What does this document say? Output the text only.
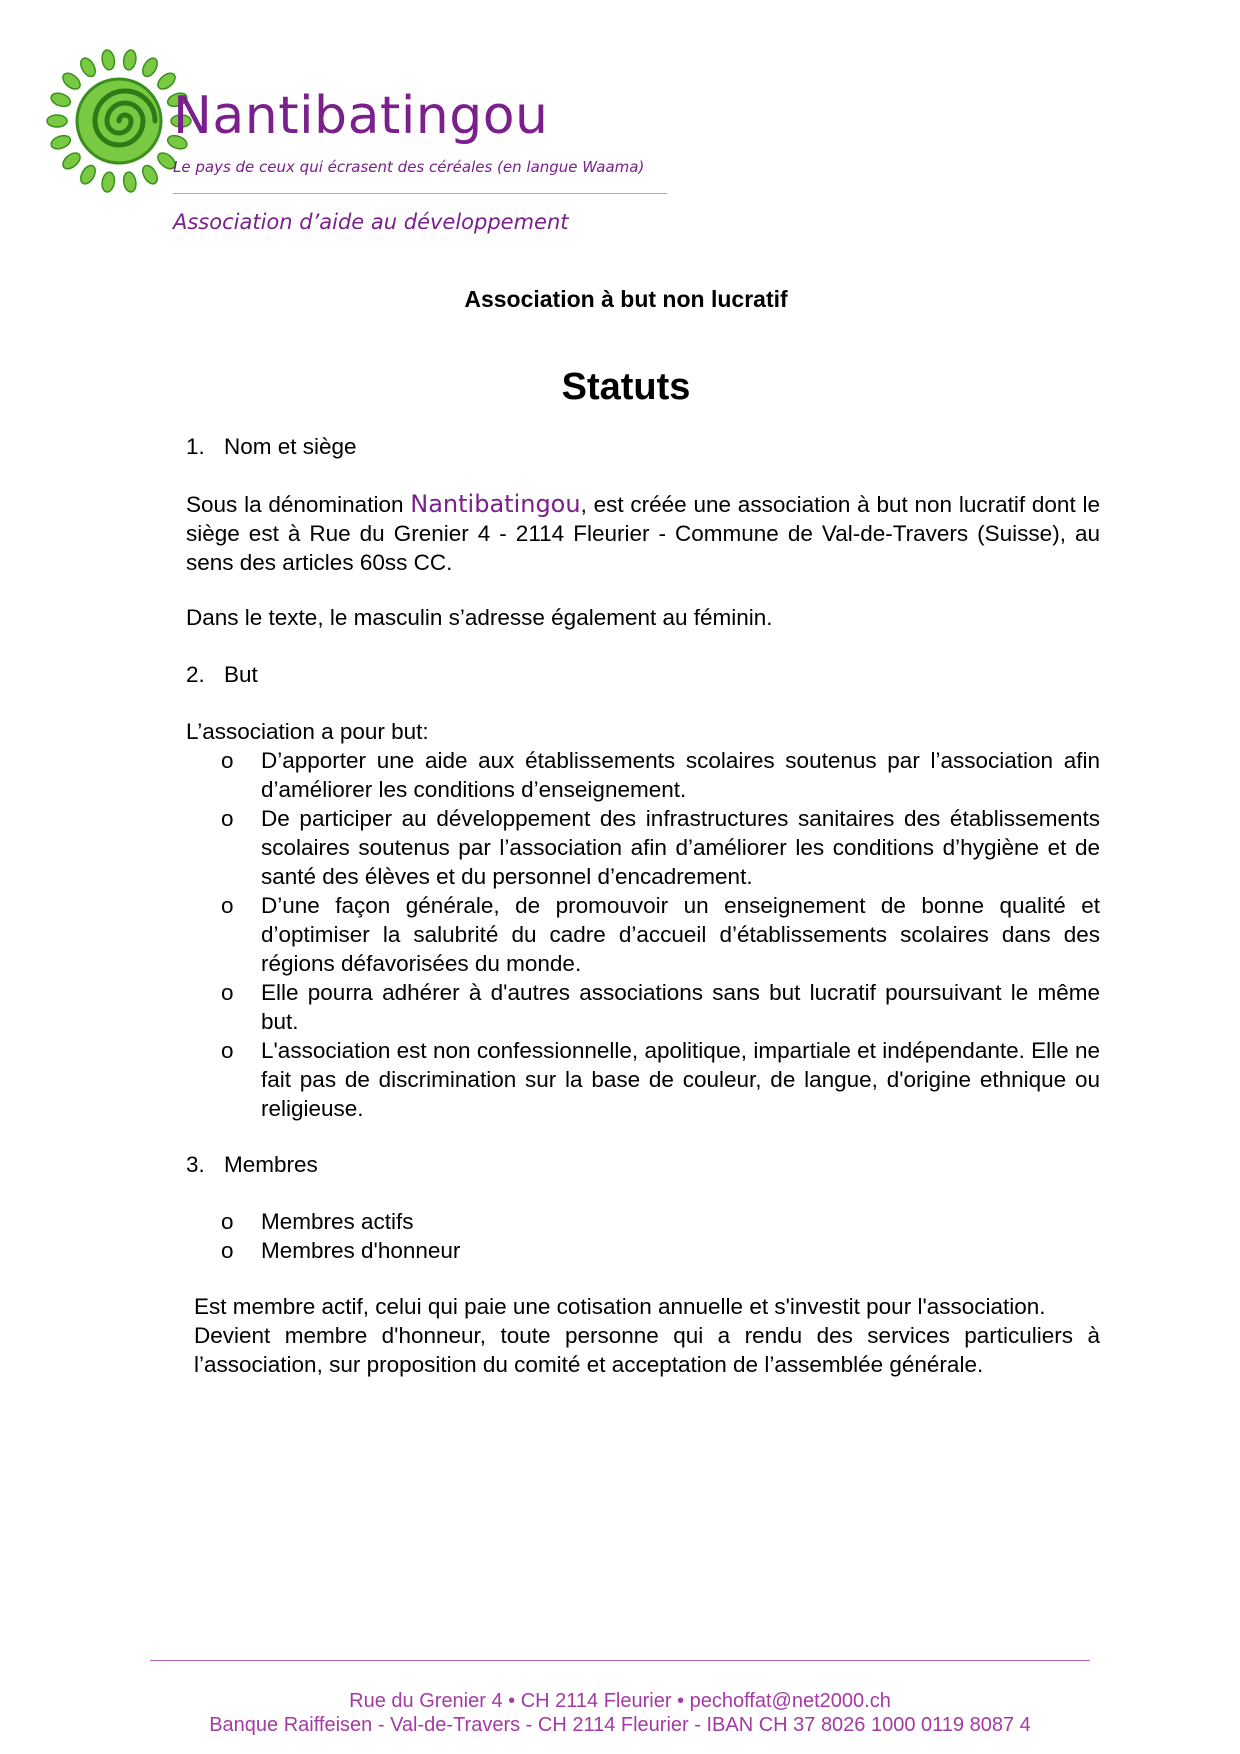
Nantibatingou
Le pays de ceux qui écrasent des céréales (en langue Waama)
Association d’aide au développement
Association à but non lucratif
Statuts
1. Nom et siège

Sous la dénomination Nantibatingou, est créée une association à but non lucratif dont le siège est à Rue du Grenier 4 - 2114 Fleurier - Commune de Val-de-Travers (Suisse), au sens des articles 60ss CC.

Dans le texte, le masculin s’adresse également au féminin.

2. But

L’association a pour but:

o D’apporter une aide aux établissements scolaires soutenus par l’association afin d’améliorer les conditions d’enseignement.
o De participer au développement des infrastructures sanitaires des établissements scolaires soutenus par l’association afin d’améliorer les conditions d’hygiène et de santé des élèves et du personnel d’encadrement.
o D’une façon générale, de promouvoir un enseignement de bonne qualité et d’optimiser la salubrité du cadre d’accueil d’établissements scolaires dans des régions défavorisées du monde.
o Elle pourra adhérer à d'autres associations sans but lucratif poursuivant le même but.
o L'association est non confessionnelle, apolitique, impartiale et indépendante. Elle ne fait pas de discrimination sur la base de couleur, de langue, d'origine ethnique ou religieuse.
3. Membres
o Membres actifs
o Membres d'honneur

Est membre actif, celui qui paie une cotisation annuelle et s'investit pour l'association.

Devient membre d'honneur, toute personne qui a rendu des services particuliers à l’association, sur proposition du comité et acceptation de l’assemblée générale.

Rue du Grenier 4 • CH 2114 Fleurier • pechoffat@net2000.ch
Banque Raiffeisen - Val-de-Travers - CH 2114 Fleurier - IBAN CH 37 8026 1000 0119 8087 4
